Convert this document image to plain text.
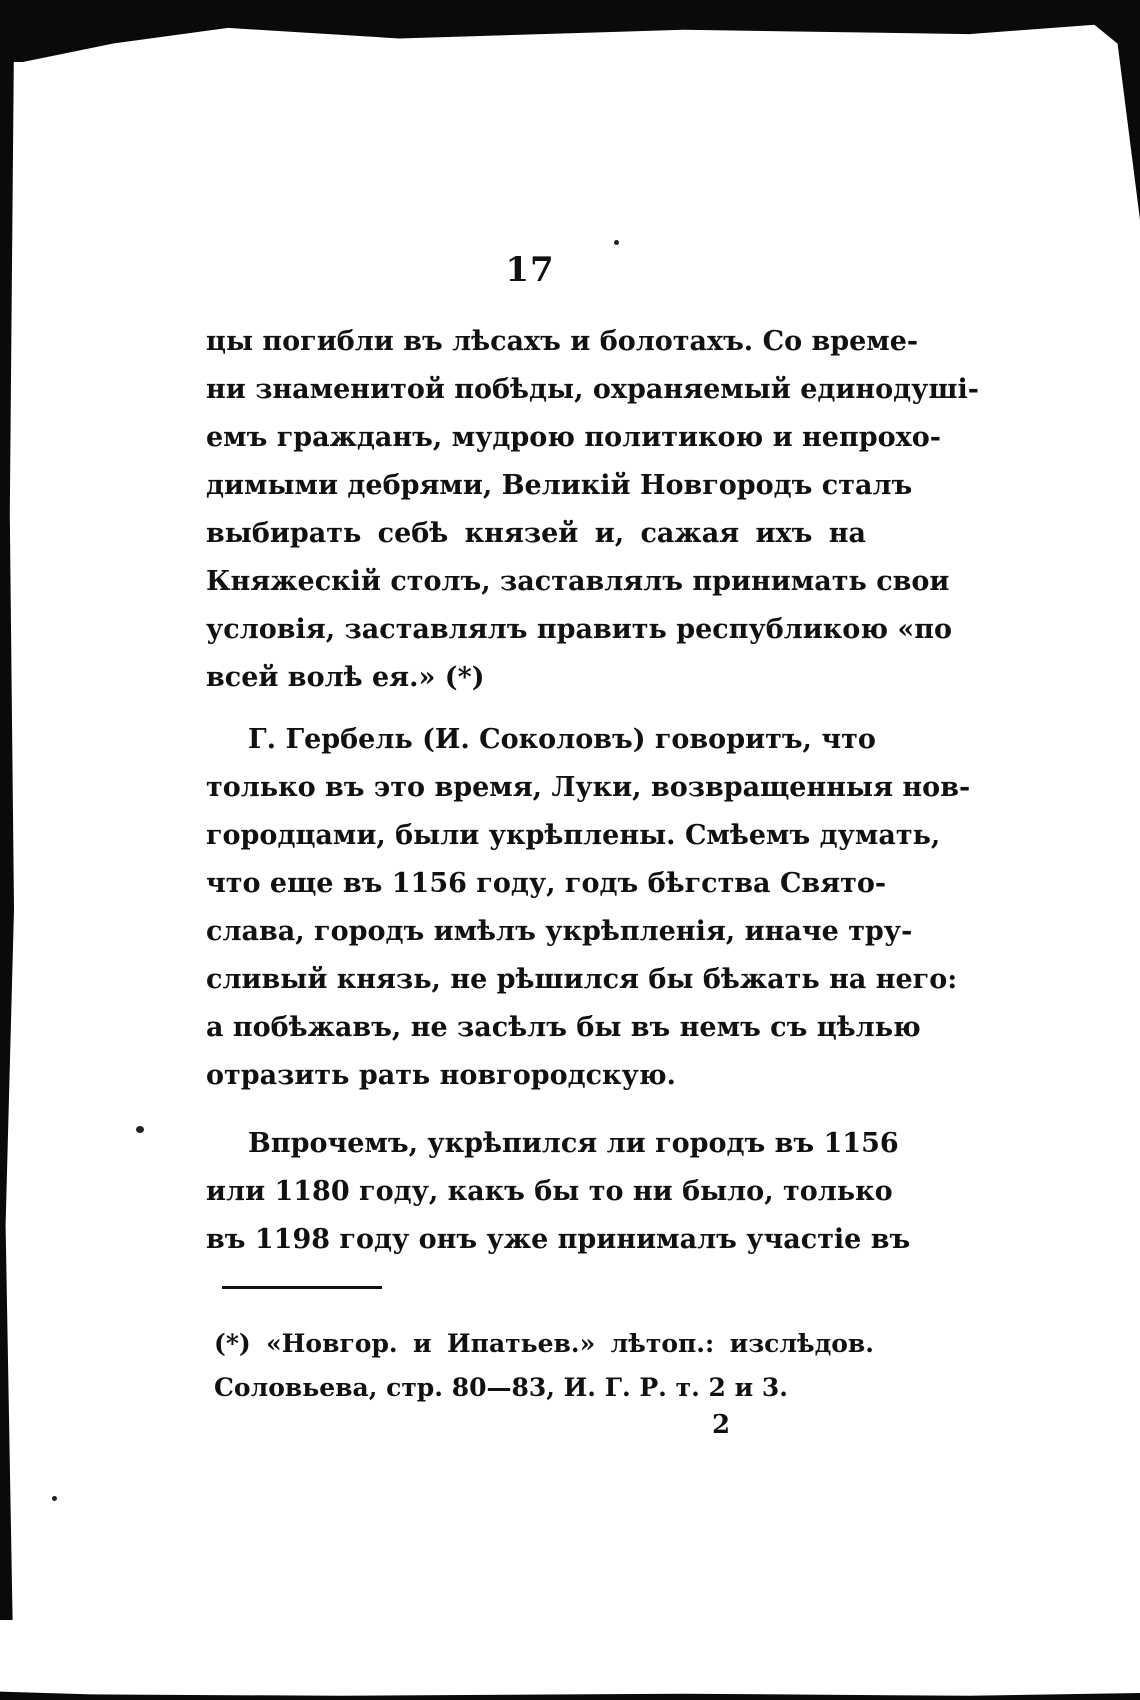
17
цы погибли въ лѣсахъ и болотахъ. Со време-
ни знаменитой побѣды, охраняемый единодуші-
емъ гражданъ, мудрою политикою и непрохо-
димыми дебрями, Великій Новгородъ сталъ
выбирать себѣ князей и, сажая ихъ на
Княжескій столъ, заставлялъ принимать свои
условія, заставлялъ править республикою «по
всей волѣ ея.» (*)
Г. Гербель (И. Соколовъ) говоритъ, что
только въ это время, Луки, возвращенныя нов-
городцами, были укрѣплены. Смѣемъ думать,
что еще въ 1156 году, годъ бѣгства Свято-
слава, городъ имѣлъ укрѣпленія, иначе тру-
сливый князь, не рѣшился бы бѣжать на него:
а побѣжавъ, не засѣлъ бы въ немъ съ цѣлью
отразить рать новгородскую.
Впрочемъ, укрѣпился ли городъ въ 1156
или 1180 году, какъ бы то ни было, только
въ 1198 году онъ уже принималъ участіе въ
(*) «Новгор. и Ипатьев.» лѣтоп.: изслѣдов.
Соловьева, стр. 80—83, И. Г. Р. т. 2 и 3.
2
